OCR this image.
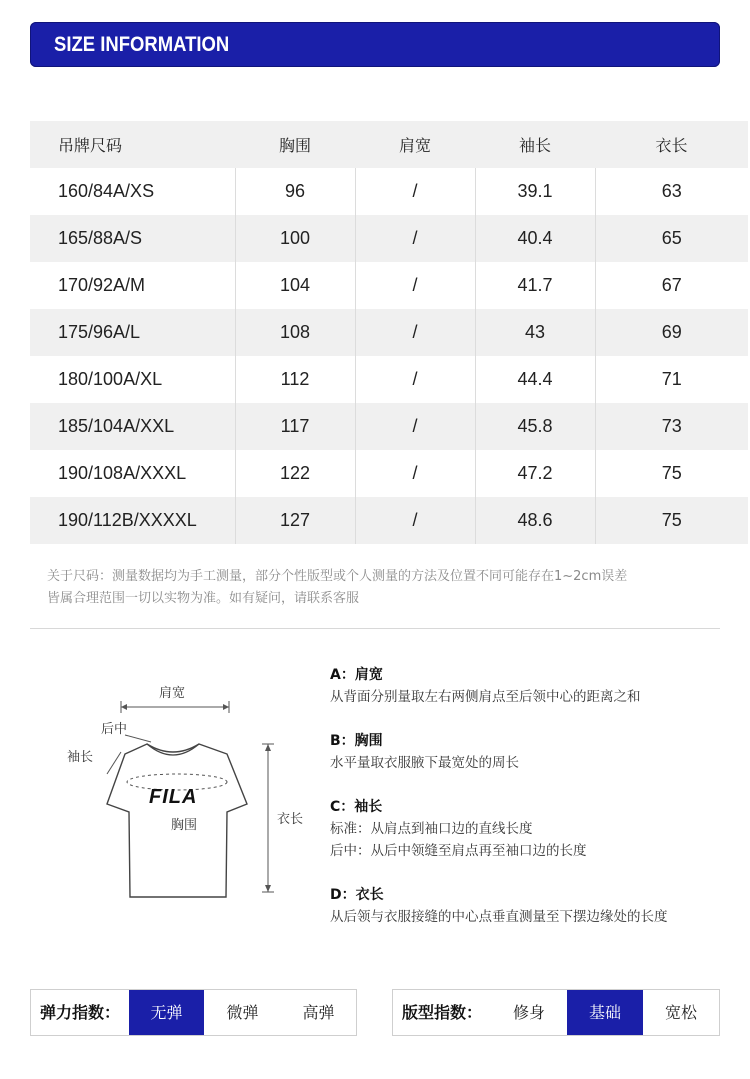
SIZE INFORMATION
吊牌尺码	胸围	肩宽	袖长	衣长
160/84A/XS	96	/	39.1	63
165/88A/S	100	/	40.4	65
170/92A/M	104	/	41.7	67
175/96A/L	108	/	43	69
180/100A/XL	112	/	44.4	71
185/104A/XXL	117	/	45.8	73
190/108A/XXXL	122	/	47.2	75
190/112B/XXXXL	127	/	48.6	75
关于尺码：测量数据均为手工测量，部分个性版型或个人测量的方法及位置不同可能存在1~2cm误差
皆属合理范围一切以实物为准。如有疑问，请联系客服
肩宽
后中
袖长
FILA
胸围	衣长
A：肩宽
从背面分别量取左右两侧肩点至后领中心的距离之和
B：胸围
水平量取衣服腋下最宽处的周长
C：袖长
标准：从肩点到袖口边的直线长度
后中：从后中领缝至肩点再至袖口边的长度
D：衣长
从后领与衣服接缝的中心点垂直测量至下摆边缘处的长度
弹力指数：	无弹	微弹	高弹	版型指数：	修身	基础	宽松
